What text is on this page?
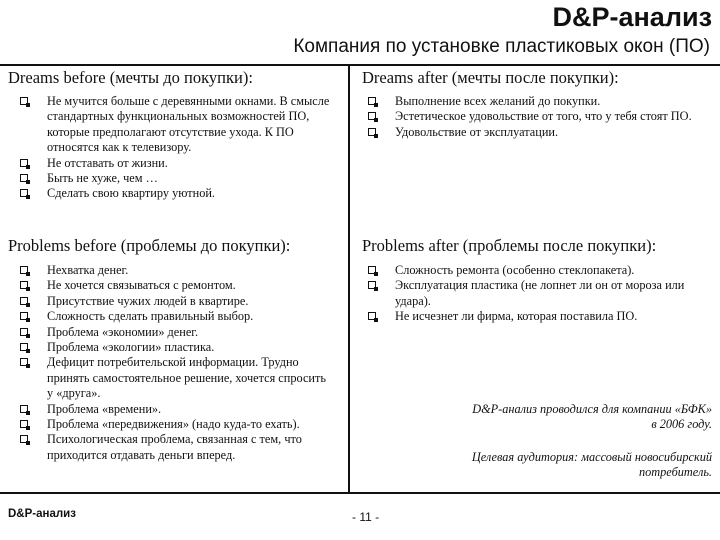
D&P-анализ
Компания по установке пластиковых окон (ПО)
Dreams before (мечты до покупки):
Не мучится больше с деревянными окнами. В смысле стандартных функциональных возможностей ПО, которые предполагают отсутствие ухода. К ПО относятся как к телевизору.
Не отставать от жизни.
Быть не хуже, чем …
Сделать свою квартиру уютной.
Dreams after (мечты после покупки):
Выполнение всех желаний до покупки.
Эстетическое удовольствие от того, что у тебя стоят ПО.
Удовольствие от эксплуатации.
Problems before (проблемы до покупки):
Нехватка денег.
Не хочется связываться с ремонтом.
Присутствие чужих людей в квартире.
Сложность сделать правильный выбор.
Проблема «экономии» денег.
Проблема «экологии» пластика.
Дефицит потребительской информации. Трудно принять самостоятельное решение, хочется спросить у «друга».
Проблема «времени».
Проблема «передвижения» (надо куда-то ехать).
Психологическая проблема, связанная с тем, что приходится отдавать деньги вперед.
Problems after (проблемы после покупки):
Сложность ремонта (особенно стеклопакета).
Эксплуатация пластика (не лопнет ли он от мороза или удара).
Не исчезнет ли фирма, которая поставила ПО.
D&P-анализ проводился для компании «БФК» в 2006 году.
Целевая аудитория: массовый новосибирский потребитель.
D&P-анализ	- 11 -
